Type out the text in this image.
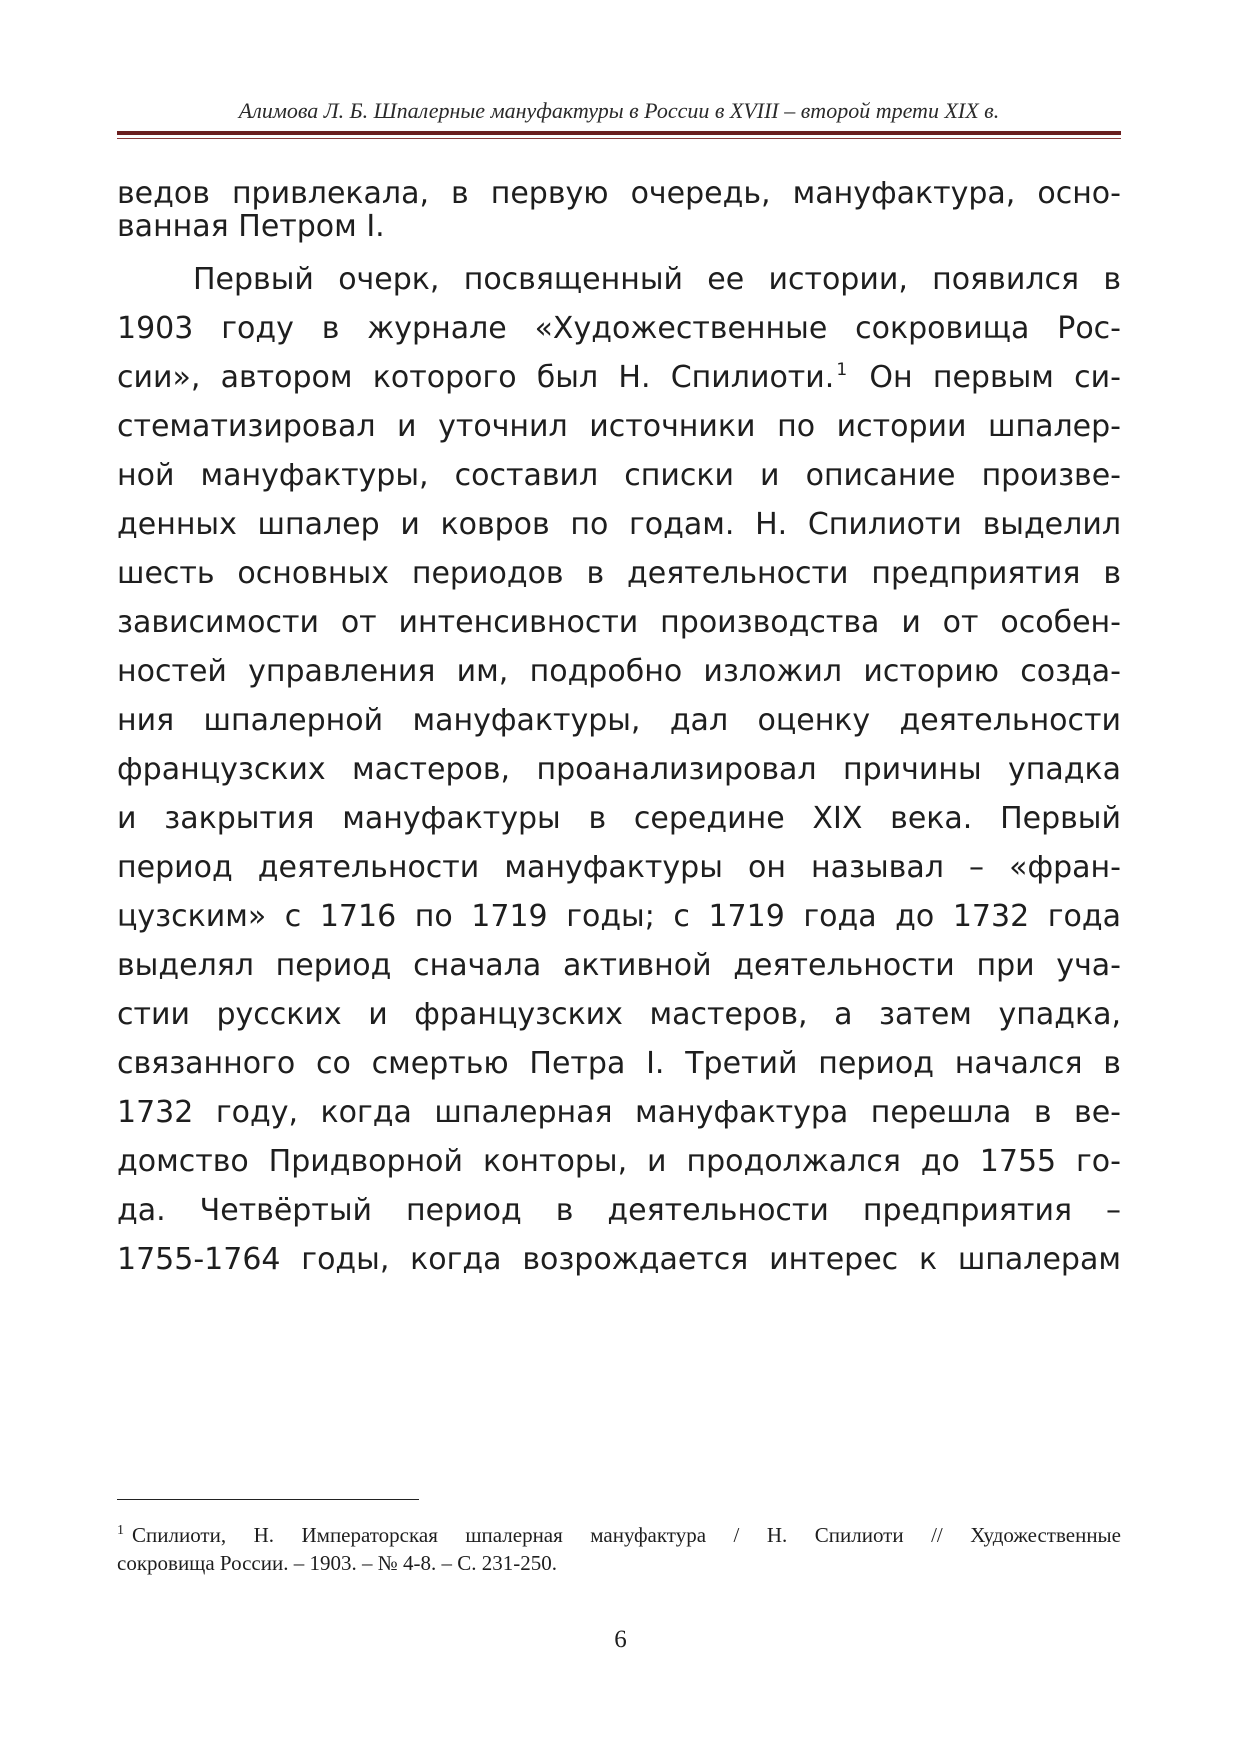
Алимова Л. Б. Шпалерные мануфактуры в России в XVIII – второй трети XIX в.
ведов привлекала, в первую очередь, мануфактура, осно-
ванная Петром I.
Первый очерк, посвященный ее истории, появился в
1903 году в журнале «Художественные сокровища Рос-
сии», автором которого был Н. Спилиоти. $^1$ Он первым си-
стематизировал и уточнил источники по истории шпалер-
ной мануфактуры, составил списки и описание произве-
денных шпалер и ковров по годам. Н. Спилиоти выделил
шесть основных периодов в деятельности предприятия в
зависимости от интенсивности производства и от особен-
ностей управления им, подробно изложил историю созда-
ния шпалерной мануфактуры, дал оценку деятельности
французских мастеров, проанализировал причины упадка
и закрытия мануфактуры в середине XIX века. Первый
период деятельности мануфактуры он называл – «фран-
цузским» с 1716 по 1719 годы; с 1719 года до 1732 года
выделял период сначала активной деятельности при уча-
стии русских и французских мастеров, а затем упадка,
связанного со смертью Петра I. Третий период начался в
1732 году, когда шпалерная мануфактура перешла в ве-
домство Придворной конторы, и продолжался до 1755 го-
да. Четвёртый период в деятельности предприятия –
1755-1764 годы, когда возрождается интерес к шпалерам
$^1$ Спилиоти, Н. Императорская шпалерная мануфактура / Н. Спилиоти // Художественные
сокровища России. – 1903. – № 4-8. – С. 231-250.
6
